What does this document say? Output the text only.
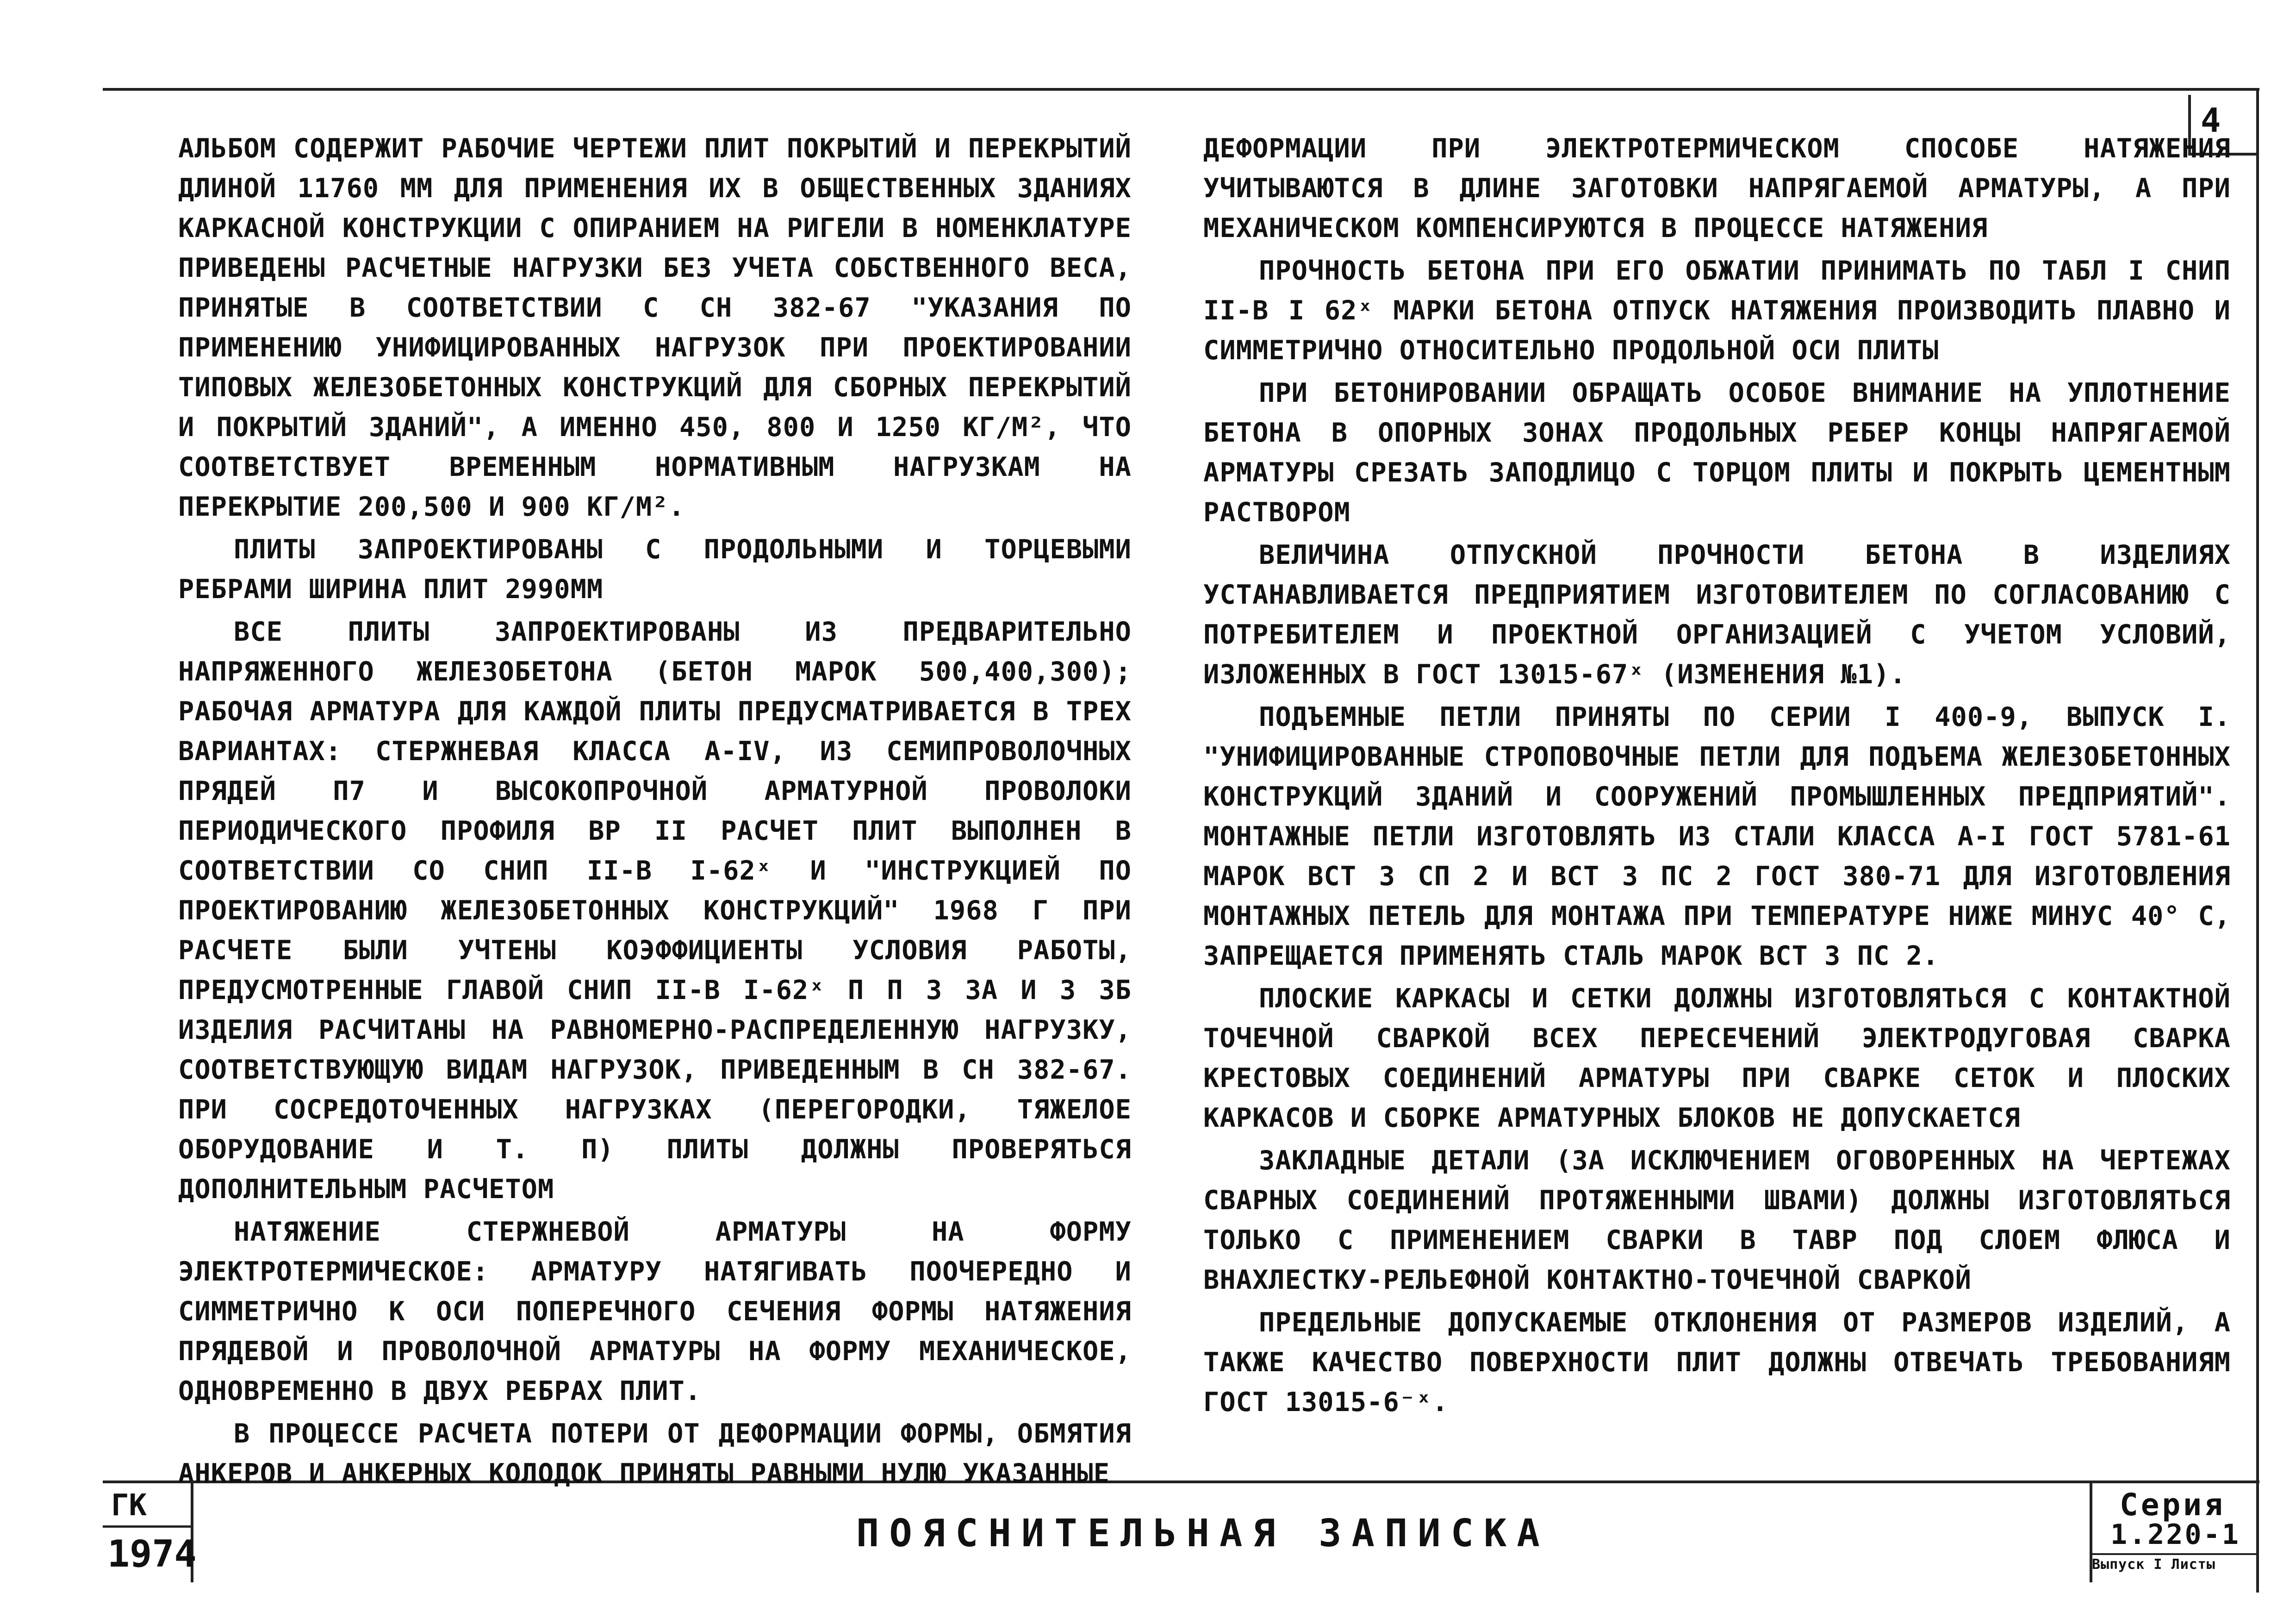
4

АЛЬБОМ СОДЕРЖИТ РАБОЧИЕ ЧЕРТЕЖИ ПЛИТ ПОКРЫТИЙ И ПЕРЕКРЫТИЙ ДЛИНОЙ 11760 ММ ДЛЯ ПРИМЕНЕНИЯ ИХ В ОБЩЕСТВЕННЫХ ЗДАНИЯХ КАРКАСНОЙ КОНСТРУКЦИИ С ОПИРАНИЕМ НА РИГЕЛИ В НОМЕНКЛАТУРЕ ПРИВЕДЕНЫ РАСЧЕТНЫЕ НАГРУЗКИ БЕЗ УЧЕТА СОБСТВЕННОГО ВЕСА, ПРИНЯТЫЕ В СООТВЕТСТВИИ С СН 382-67 "УКАЗАНИЯ ПО ПРИМЕНЕНИЮ УНИФИЦИРОВАННЫХ НАГРУЗОК ПРИ ПРОЕКТИРОВАНИИ ТИПОВЫХ ЖЕЛЕЗОБЕТОННЫХ КОНСТРУКЦИЙ ДЛЯ СБОРНЫХ ПЕРЕКРЫТИЙ И ПОКРЫТИЙ ЗДАНИЙ", А ИМЕННО 450, 800 И 1250 КГ/М², ЧТО СООТВЕТСТВУЕТ ВРЕМЕННЫМ НОРМАТИВНЫМ НАГРУЗКАМ НА ПЕРЕКРЫТИЕ 200,500 И 900 КГ/М².

ПЛИТЫ ЗАПРОЕКТИРОВАНЫ С ПРОДОЛЬНЫМИ И ТОРЦЕВЫМИ РЕБРАМИ ШИРИНА ПЛИТ 2990ММ

ВСЕ ПЛИТЫ ЗАПРОЕКТИРОВАНЫ ИЗ ПРЕДВАРИТЕЛЬНО НАПРЯЖЕННОГО ЖЕЛЕЗОБЕТОНА (БЕТОН МАРОК 500,400,300); РАБОЧАЯ АРМАТУРА ДЛЯ КАЖДОЙ ПЛИТЫ ПРЕДУСМАТРИВАЕТСЯ В ТРЕХ ВАРИАНТАХ: СТЕРЖНЕВАЯ КЛАССА А-IV, ИЗ СЕМИПРОВОЛОЧНЫХ ПРЯДЕЙ П7 И ВЫСОКОПРОЧНОЙ АРМАТУРНОЙ ПРОВОЛОКИ ПЕРИОДИЧЕСКОГО ПРОФИЛЯ ВР II РАСЧЕТ ПЛИТ ВЫПОЛНЕН В СООТВЕТСТВИИ СО СНИП II-В I-62ˣ И "ИНСТРУКЦИЕЙ ПО ПРОЕКТИРОВАНИЮ ЖЕЛЕЗОБЕТОННЫХ КОНСТРУКЦИЙ" 1968 Г ПРИ РАСЧЕТЕ БЫЛИ УЧТЕНЫ КОЭФФИЦИЕНТЫ УСЛОВИЯ РАБОТЫ, ПРЕДУСМОТРЕННЫЕ ГЛАВОЙ СНИП II-В I-62ˣ П П 3 3А И 3 3Б ИЗДЕЛИЯ РАСЧИТАНЫ НА РАВНОМЕРНО-РАСПРЕДЕЛЕННУЮ НАГРУЗКУ, СООТВЕТСТВУЮЩУЮ ВИДАМ НАГРУЗОК, ПРИВЕДЕННЫМ В СН 382-67. ПРИ СОСРЕДОТОЧЕННЫХ НАГРУЗКАХ (ПЕРЕГОРОДКИ, ТЯЖЕЛОЕ ОБОРУДОВАНИЕ И Т. П) ПЛИТЫ ДОЛЖНЫ ПРОВЕРЯТЬСЯ ДОПОЛНИТЕЛЬНЫМ РАСЧЕТОМ

НАТЯЖЕНИЕ СТЕРЖНЕВОЙ АРМАТУРЫ НА ФОРМУ ЭЛЕКТРОТЕРМИЧЕСКОЕ: АРМАТУРУ НАТЯГИВАТЬ ПООЧЕРЕДНО И СИММЕТРИЧНО К ОСИ ПОПЕРЕЧНОГО СЕЧЕНИЯ ФОРМЫ НАТЯЖЕНИЯ ПРЯДЕВОЙ И ПРОВОЛОЧНОЙ АРМАТУРЫ НА ФОРМУ МЕХАНИЧЕСКОЕ, ОДНОВРЕМЕННО В ДВУХ РЕБРАХ ПЛИТ.

В ПРОЦЕССЕ РАСЧЕТА ПОТЕРИ ОТ ДЕФОРМАЦИИ ФОРМЫ, ОБМЯТИЯ АНКЕРОВ И АНКЕРНЫХ КОЛОДОК ПРИНЯТЫ РАВНЫМИ НУЛЮ УКАЗАННЫЕ

ДЕФОРМАЦИИ ПРИ ЭЛЕКТРОТЕРМИЧЕСКОМ СПОСОБЕ НАТЯЖЕНИЯ УЧИТЫВАЮТСЯ В ДЛИНЕ ЗАГОТОВКИ НАПРЯГАЕМОЙ АРМАТУРЫ, А ПРИ МЕХАНИЧЕСКОМ КОМПЕНСИРУЮТСЯ В ПРОЦЕССЕ НАТЯЖЕНИЯ

ПРОЧНОСТЬ БЕТОНА ПРИ ЕГО ОБЖАТИИ ПРИНИМАТЬ ПО ТАБЛ I СНИП II-В I 62ˣ МАРКИ БЕТОНА ОТПУСК НАТЯЖЕНИЯ ПРОИЗВОДИТЬ ПЛАВНО И СИММЕТРИЧНО ОТНОСИТЕЛЬНО ПРОДОЛЬНОЙ ОСИ ПЛИТЫ

ПРИ БЕТОНИРОВАНИИ ОБРАЩАТЬ ОСОБОЕ ВНИМАНИЕ НА УПЛОТНЕНИЕ БЕТОНА В ОПОРНЫХ ЗОНАХ ПРОДОЛЬНЫХ РЕБЕР КОНЦЫ НАПРЯГАЕМОЙ АРМАТУРЫ СРЕЗАТЬ ЗАПОДЛИЦО С ТОРЦОМ ПЛИТЫ И ПОКРЫТЬ ЦЕМЕНТНЫМ РАСТВОРОМ

ВЕЛИЧИНА ОТПУСКНОЙ ПРОЧНОСТИ БЕТОНА В ИЗДЕЛИЯХ УСТАНАВЛИВАЕТСЯ ПРЕДПРИЯТИЕМ ИЗГОТОВИТЕЛЕМ ПО СОГЛАСОВАНИЮ С ПОТРЕБИТЕЛЕМ И ПРОЕКТНОЙ ОРГАНИЗАЦИЕЙ С УЧЕТОМ УСЛОВИЙ, ИЗЛОЖЕННЫХ В ГОСТ 13015-67ˣ (ИЗМЕНЕНИЯ №1).

ПОДЪЕМНЫЕ ПЕТЛИ ПРИНЯТЫ ПО СЕРИИ I 400-9, ВЫПУСК I. "УНИФИЦИРОВАННЫЕ СТРОПОВОЧНЫЕ ПЕТЛИ ДЛЯ ПОДЪЕМА ЖЕЛЕЗОБЕТОННЫХ КОНСТРУКЦИЙ ЗДАНИЙ И СООРУЖЕНИЙ ПРОМЫШЛЕННЫХ ПРЕДПРИЯТИЙ". МОНТАЖНЫЕ ПЕТЛИ ИЗГОТОВЛЯТЬ ИЗ СТАЛИ КЛАССА А-I ГОСТ 5781-61 МАРОК ВСТ 3 СП 2 И ВСТ 3 ПС 2 ГОСТ 380-71 ДЛЯ ИЗГОТОВЛЕНИЯ МОНТАЖНЫХ ПЕТЕЛЬ ДЛЯ МОНТАЖА ПРИ ТЕМПЕРАТУРЕ НИЖЕ МИНУС 40° С, ЗАПРЕЩАЕТСЯ ПРИМЕНЯТЬ СТАЛЬ МАРОК ВСТ 3 ПС 2.

ПЛОСКИЕ КАРКАСЫ И СЕТКИ ДОЛЖНЫ ИЗГОТОВЛЯТЬСЯ С КОНТАКТНОЙ ТОЧЕЧНОЙ СВАРКОЙ ВСЕХ ПЕРЕСЕЧЕНИЙ ЭЛЕКТРОДУГОВАЯ СВАРКА КРЕСТОВЫХ СОЕДИНЕНИЙ АРМАТУРЫ ПРИ СВАРКЕ СЕТОК И ПЛОСКИХ КАРКАСОВ И СБОРКЕ АРМАТУРНЫХ БЛОКОВ НЕ ДОПУСКАЕТСЯ

ЗАКЛАДНЫЕ ДЕТАЛИ (ЗА ИСКЛЮЧЕНИЕМ ОГОВОРЕННЫХ НА ЧЕРТЕЖАХ СВАРНЫХ СОЕДИНЕНИЙ ПРОТЯЖЕННЫМИ ШВАМИ) ДОЛЖНЫ ИЗГОТОВЛЯТЬСЯ ТОЛЬКО С ПРИМЕНЕНИЕМ СВАРКИ В ТАВР ПОД СЛОЕМ ФЛЮСА И ВНАХЛЕСТКУ-РЕЛЬЕФНОЙ КОНТАКТНО-ТОЧЕЧНОЙ СВАРКОЙ

ПРЕДЕЛЬНЫЕ ДОПУСКАЕМЫЕ ОТКЛОНЕНИЯ ОТ РАЗМЕРОВ ИЗДЕЛИЙ, А ТАКЖЕ КАЧЕСТВО ПОВЕРХНОСТИ ПЛИТ ДОЛЖНЫ ОТВЕЧАТЬ ТРЕБОВАНИЯМ ГОСТ 13015-6⁻ˣ.

ГК
1974	ПОЯСНИТЕЛЬНАЯ ЗАПИСКА
Серия
1.220-1
Выпуск I Листы
